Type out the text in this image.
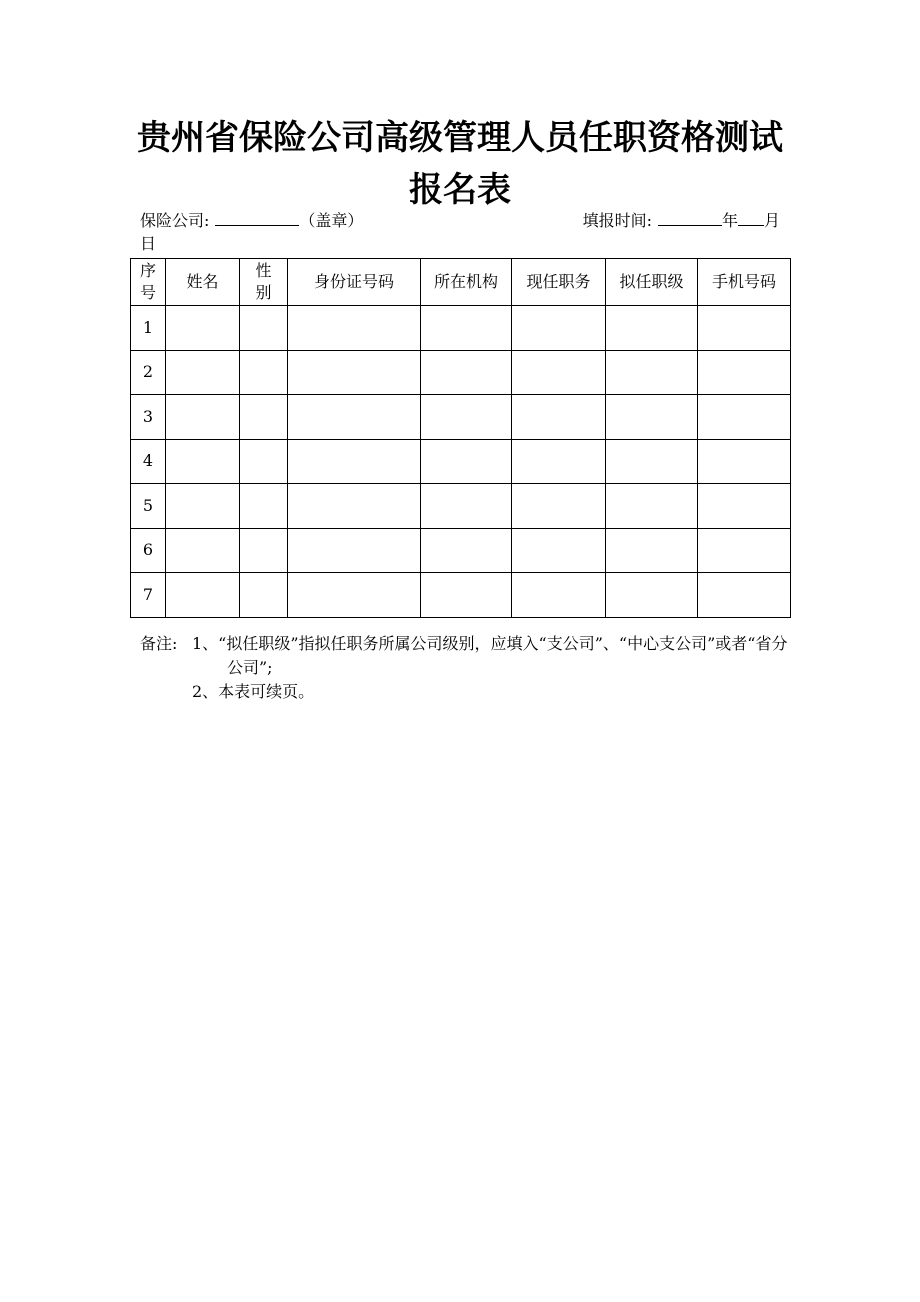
贵州省保险公司高级管理人员任职资格测试报名表
保险公司:	（盖章）	填报时间:	年 月
日
序号	姓名	性别	身份证号码	所在机构	现任职务	拟任职级	手机号码
1							
2							
3							
4							
5							
6							
7							
备注: 1、“拟任职级”指拟任职务所属公司级别，应填入“支公司”、“中心支公司”或者“省分公司”;
2、本表可续页。
